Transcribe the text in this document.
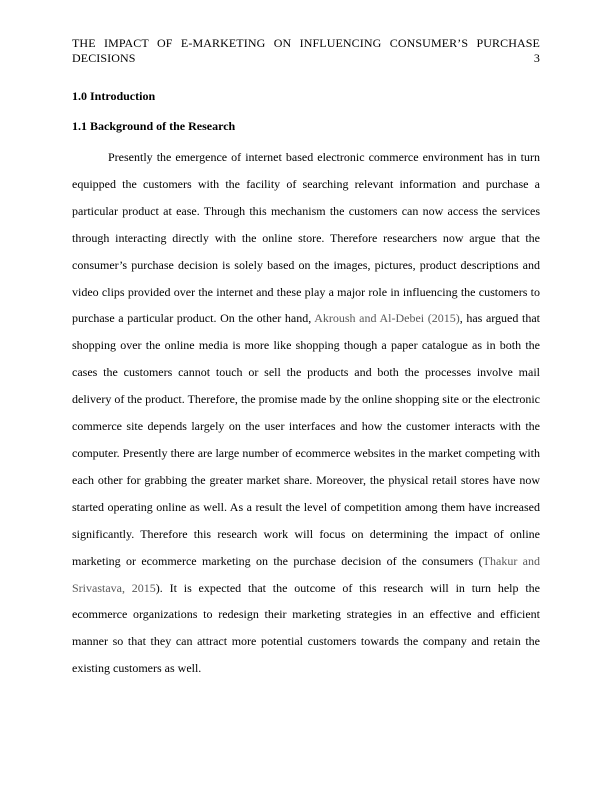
THE IMPACT OF E-MARKETING ON INFLUENCING CONSUMER’S PURCHASE
DECISIONS	3
1.0 Introduction
1.1 Background of the Research
Presently the emergence of internet based electronic commerce environment has in turn
equipped the customers with the facility of searching relevant information and purchase a
particular product at ease. Through this mechanism the customers can now access the services
through interacting directly with the online store. Therefore researchers now argue that the
consumer’s purchase decision is solely based on the images, pictures, product descriptions and
video clips provided over the internet and these play a major role in influencing the customers to
purchase a particular product. On the other hand, Akroush and Al-Debei (2015), has argued that
shopping over the online media is more like shopping though a paper catalogue as in both the
cases the customers cannot touch or sell the products and both the processes involve mail
delivery of the product. Therefore, the promise made by the online shopping site or the electronic
commerce site depends largely on the user interfaces and how the customer interacts with the
computer. Presently there are large number of ecommerce websites in the market competing with
each other for grabbing the greater market share. Moreover, the physical retail stores have now
started operating online as well. As a result the level of competition among them have increased
significantly. Therefore this research work will focus on determining the impact of online
marketing or ecommerce marketing on the purchase decision of the consumers (Thakur and
Srivastava, 2015). It is expected that the outcome of this research will in turn help the
ecommerce organizations to redesign their marketing strategies in an effective and efficient
manner so that they can attract more potential customers towards the company and retain the
existing customers as well.
